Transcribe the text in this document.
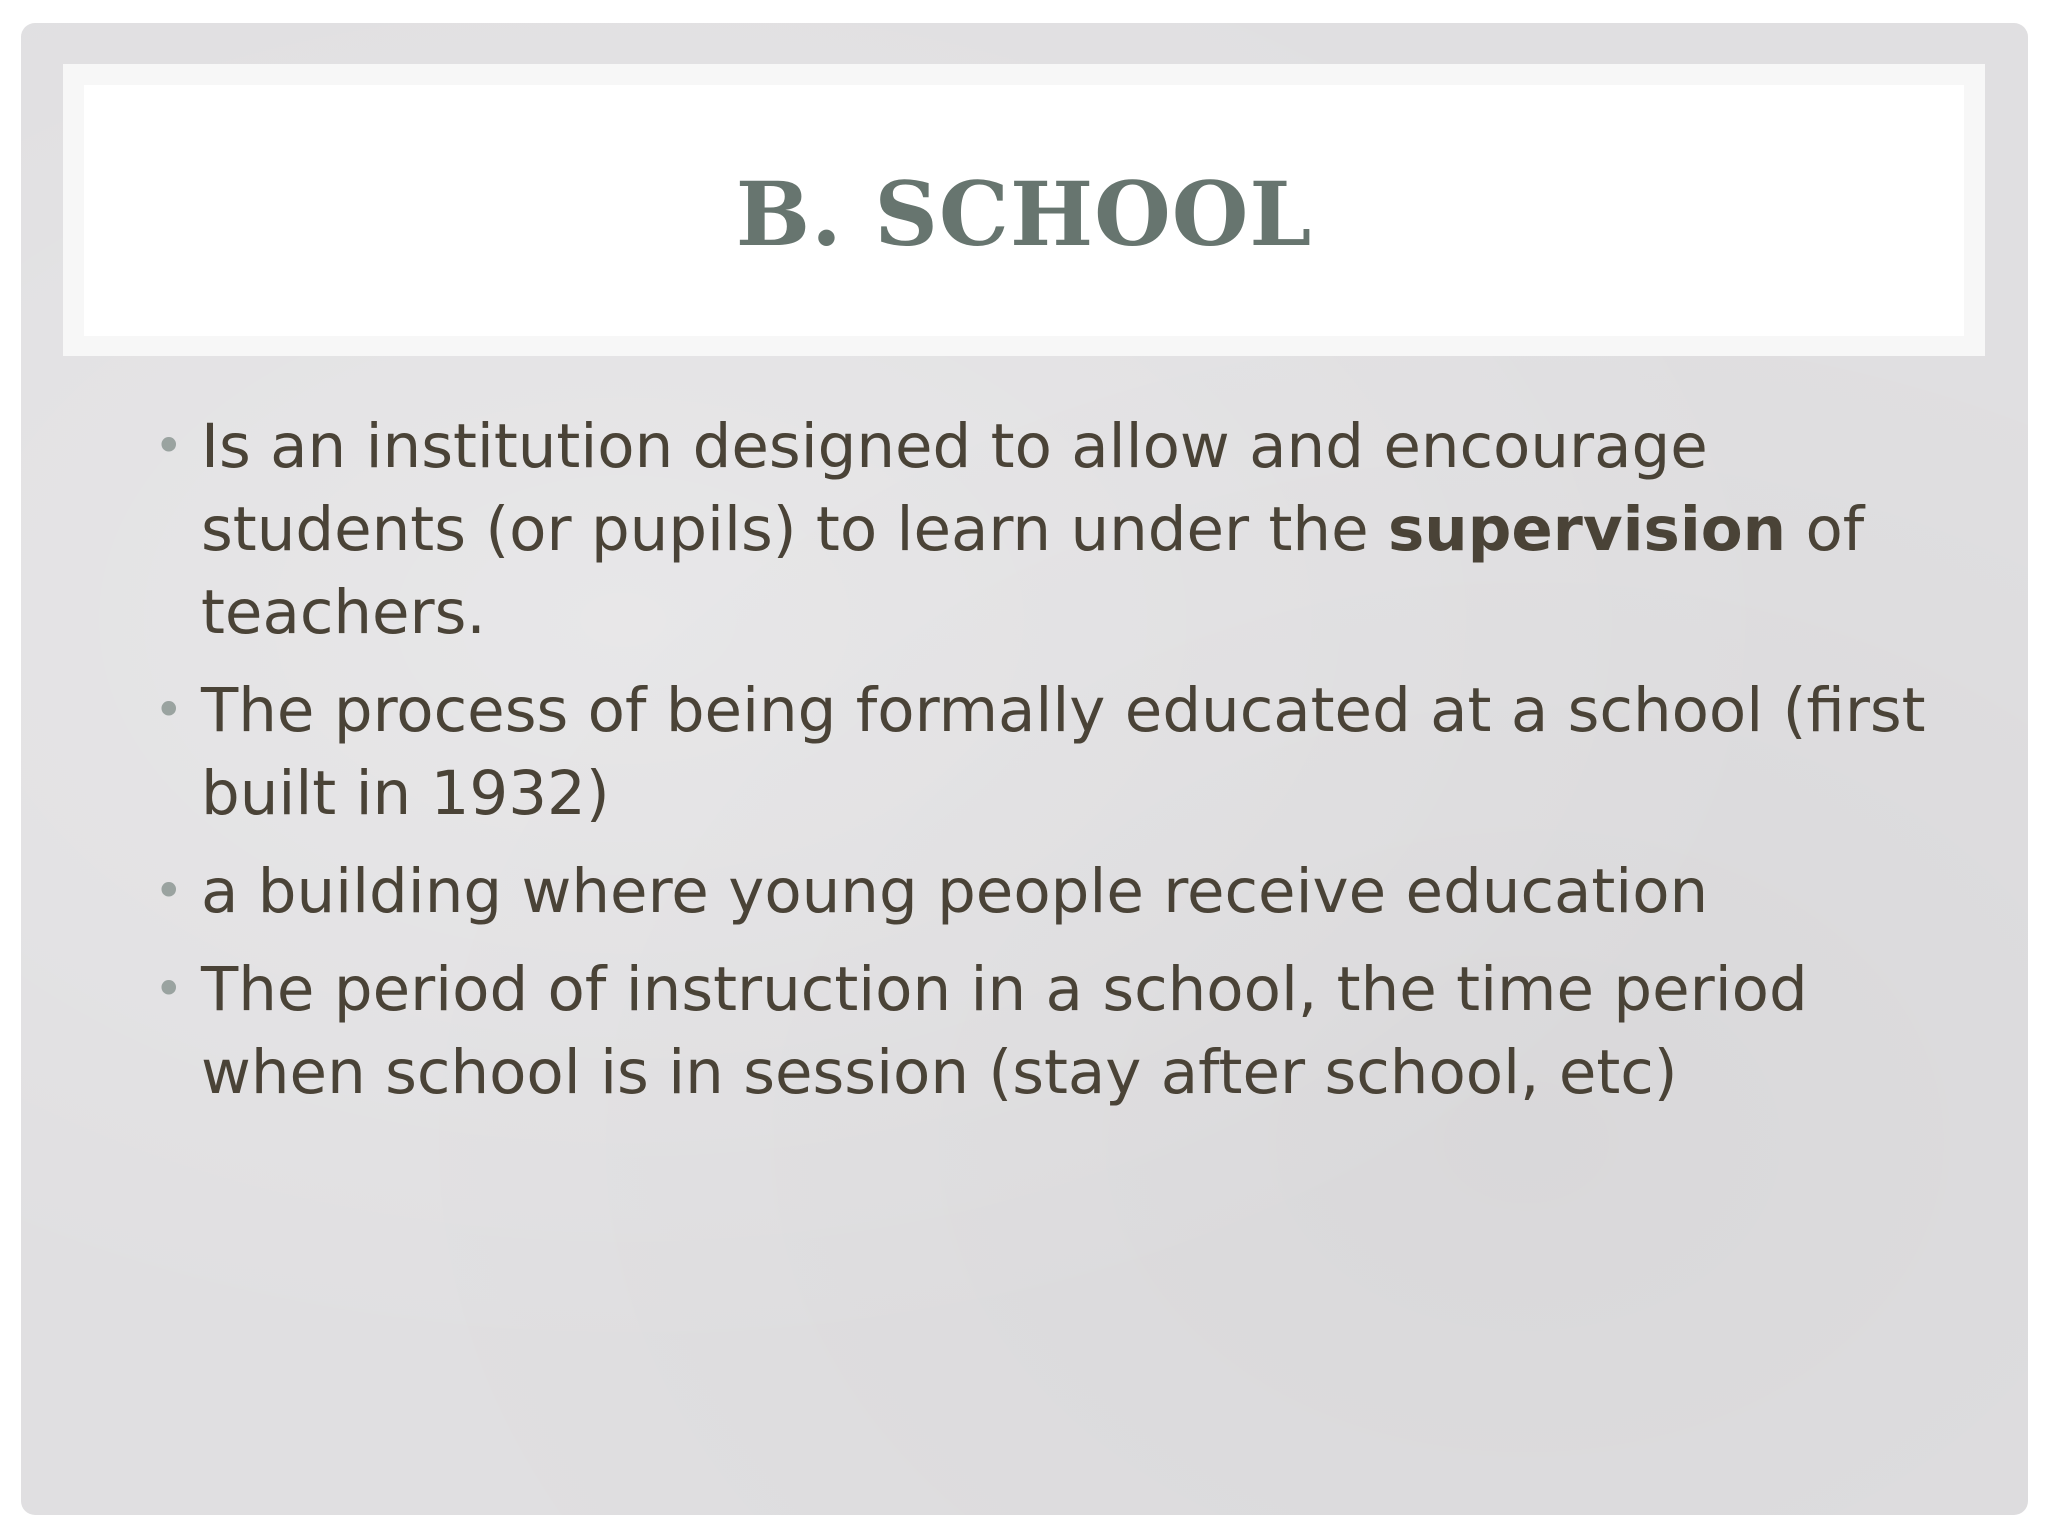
B. SCHOOL
• Is an institution designed to allow and encourage students (or pupils) to learn under the supervision of teachers.
• The process of being formally educated at a school (first built in 1932)
• a building where young people receive education
• The period of instruction in a school, the time period when school is in session (stay after school, etc)
